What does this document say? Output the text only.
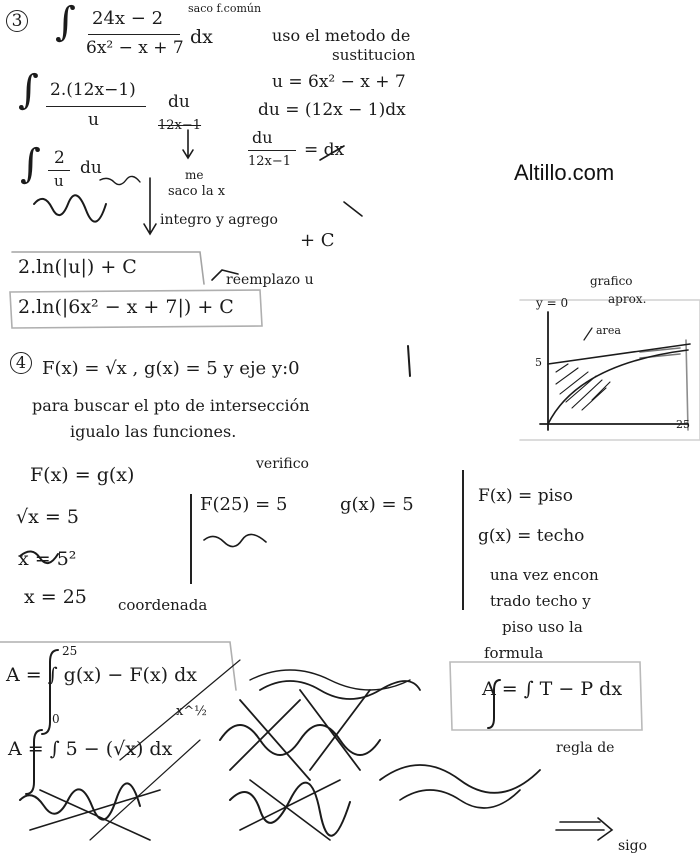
Altillo.com
3 ∫ 24x − 2
6x² − x + 7 dx
saco f.común
uso el metodo de
sustitucion
∫ 2.(12x−1)
u
du
12x−1
u = 6x² − x + 7
du = (12x − 1)dx
du
12x−1
= dx
∫ 2
u
du	me
saco la x
integro y agrego
+ C
2.ln(|u|) + C
reemplazo u
2.ln(|6x² − x + 7|) + C
4 F(x) = √x , g(x) = 5 y eje y:0
para buscar el pto de intersección
igualo las funciones.
F(x) = g(x)
√x = 5
x = 5²
x = 25 coordenada
verifico
F(25) = 5	g(x) = 5	F(x) = piso
g(x) = techo
una vez encon
trado techo y
piso uso la
formula
A = ∫ T − P dx
25
A = ∫ g(x) − F(x) dx
0	x^½
A = ∫ 5 − (√x) dx	regla de
sigo
grafico
aprox.
y = 0
area
5
25
